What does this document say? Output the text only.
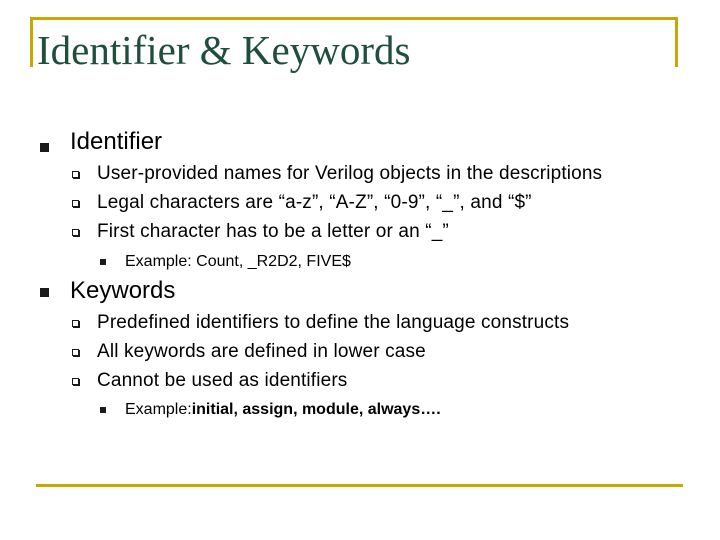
Identifier & Keywords
Identifier
User-provided names for Verilog objects in the descriptions
Legal characters are “a-z”, “A-Z”, “0-9”, “_”, and “$”
First character has to be a letter or an “_”
Example: Count, _R2D2, FIVE$
Keywords
Predefined identifiers to define the language constructs
All keywords are defined in lower case
Cannot be used as identifiers
Example:initial, assign, module, always….
